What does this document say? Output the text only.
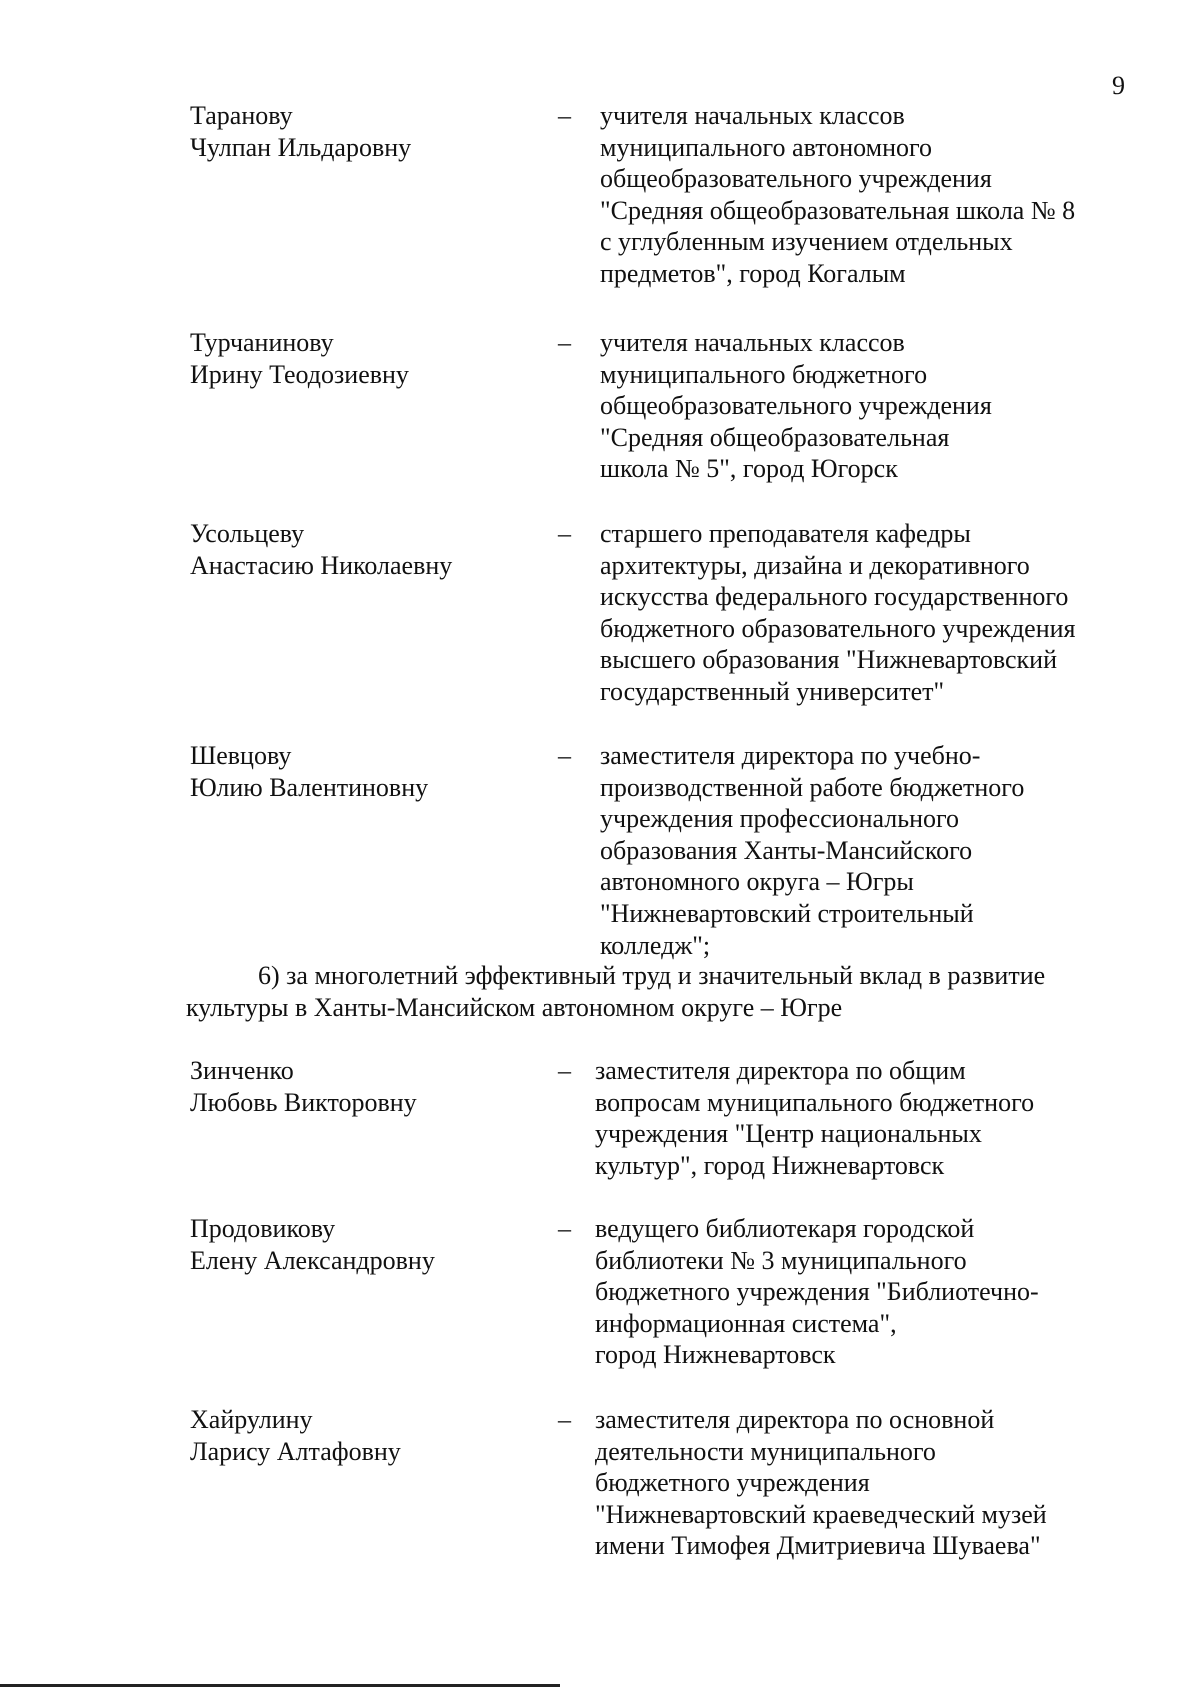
9
Таранову
Чулпан Ильдаровну
– учителя начальных классов
муниципального автономного
общеобразовательного учреждения
"Средняя общеобразовательная школа № 8
с углубленным изучением отдельных
предметов", город Когалым
Турчанинову
Ирину Теодозиевну
– учителя начальных классов
муниципального бюджетного
общеобразовательного учреждения
"Средняя общеобразовательная
школа № 5", город Югорск
Усольцеву
Анастасию Николаевну
– старшего преподавателя кафедры
архитектуры, дизайна и декоративного
искусства федерального государственного
бюджетного образовательного учреждения
высшего образования "Нижневартовский
государственный университет"
Шевцову
Юлию Валентиновну
– заместителя директора по учебно-
производственной работе бюджетного
учреждения профессионального
образования Ханты-Мансийского
автономного округа – Югры
"Нижневартовский строительный
колледж";
6) за многолетний эффективный труд и значительный вклад в развитие
культуры в Ханты-Мансийском автономном округе – Югре
Зинченко
Любовь Викторовну
– заместителя директора по общим
вопросам муниципального бюджетного
учреждения "Центр национальных
культур", город Нижневартовск
Продовикову
Елену Александровну
– ведущего библиотекаря городской
библиотеки № 3 муниципального
бюджетного учреждения "Библиотечно-
информационная система",
город Нижневартовск
Хайрулину
Ларису Алтафовну
– заместителя директора по основной
деятельности муниципального
бюджетного учреждения
"Нижневартовский краеведческий музей
имени Тимофея Дмитриевича Шуваева"
